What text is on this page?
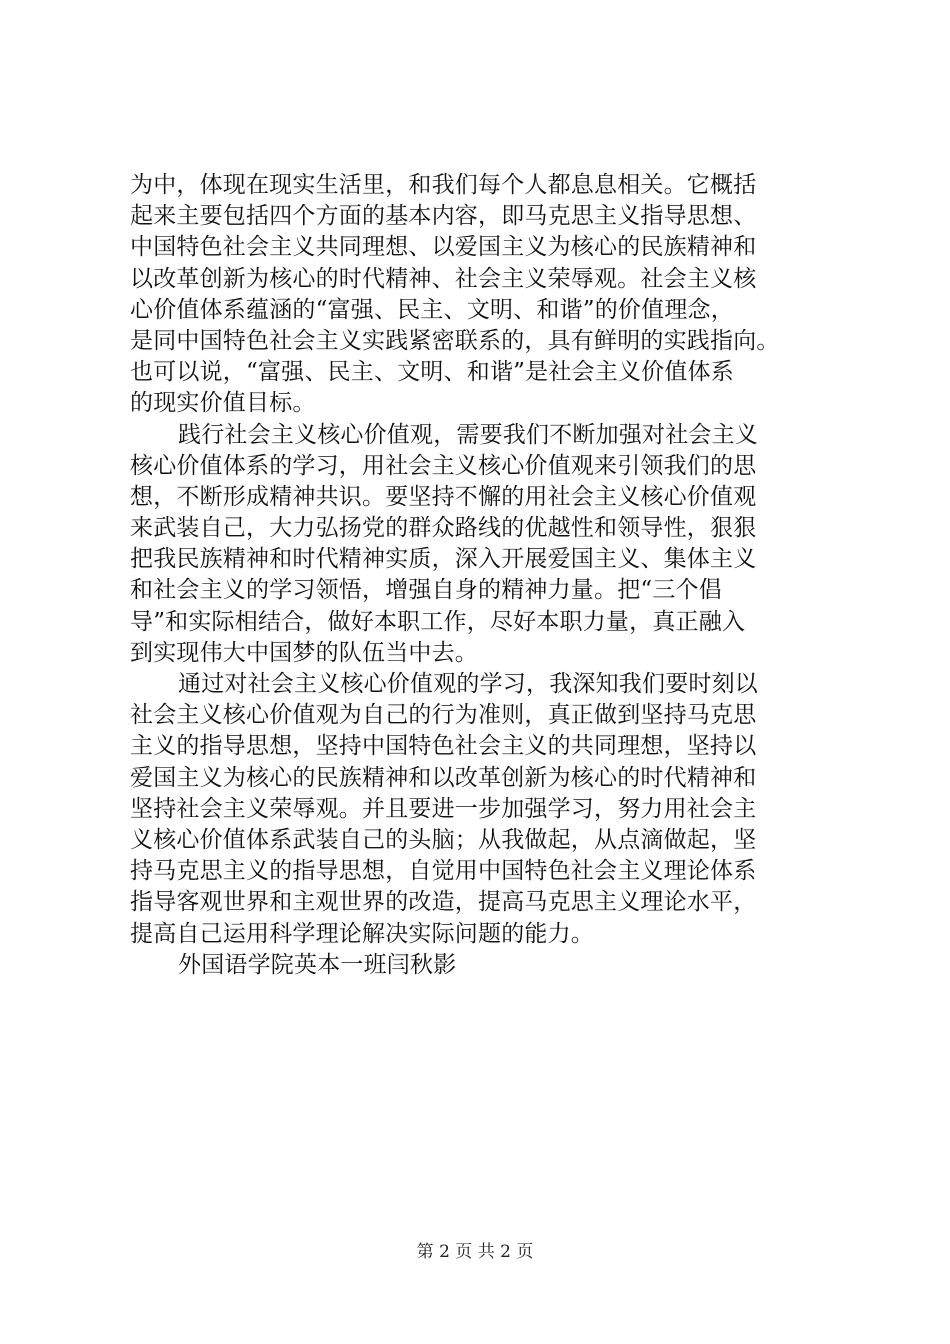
为中，体现在现实生活里，和我们每个人都息息相关。它概括
起来主要包括四个方面的基本内容，即马克思主义指导思想、
中国特色社会主义共同理想、以爱国主义为核心的民族精神和
以改革创新为核心的时代精神、社会主义荣辱观。社会主义核
心价值体系蕴涵的“富强、民主、文明、和谐”的价值理念，
是同中国特色社会主义实践紧密联系的，具有鲜明的实践指向。
也可以说，“富强、民主、文明、和谐”是社会主义价值体系
的现实价值目标。
践行社会主义核心价值观，需要我们不断加强对社会主义
核心价值体系的学习，用社会主义核心价值观来引领我们的思
想，不断形成精神共识。要坚持不懈的用社会主义核心价值观
来武装自己，大力弘扬党的群众路线的优越性和领导性，狠狠
把我民族精神和时代精神实质，深入开展爱国主义、集体主义
和社会主义的学习领悟，增强自身的精神力量。把“三个倡
导”和实际相结合，做好本职工作，尽好本职力量，真正融入
到实现伟大中国梦的队伍当中去。
通过对社会主义核心价值观的学习，我深知我们要时刻以
社会主义核心价值观为自己的行为准则，真正做到坚持马克思
主义的指导思想，坚持中国特色社会主义的共同理想，坚持以
爱国主义为核心的民族精神和以改革创新为核心的时代精神和
坚持社会主义荣辱观。并且要进一步加强学习，努力用社会主
义核心价值体系武装自己的头脑；从我做起，从点滴做起，坚
持马克思主义的指导思想，自觉用中国特色社会主义理论体系
指导客观世界和主观世界的改造，提高马克思主义理论水平，
提高自己运用科学理论解决实际问题的能力。
外国语学院英本一班闫秋影
第 2 页 共 2 页
